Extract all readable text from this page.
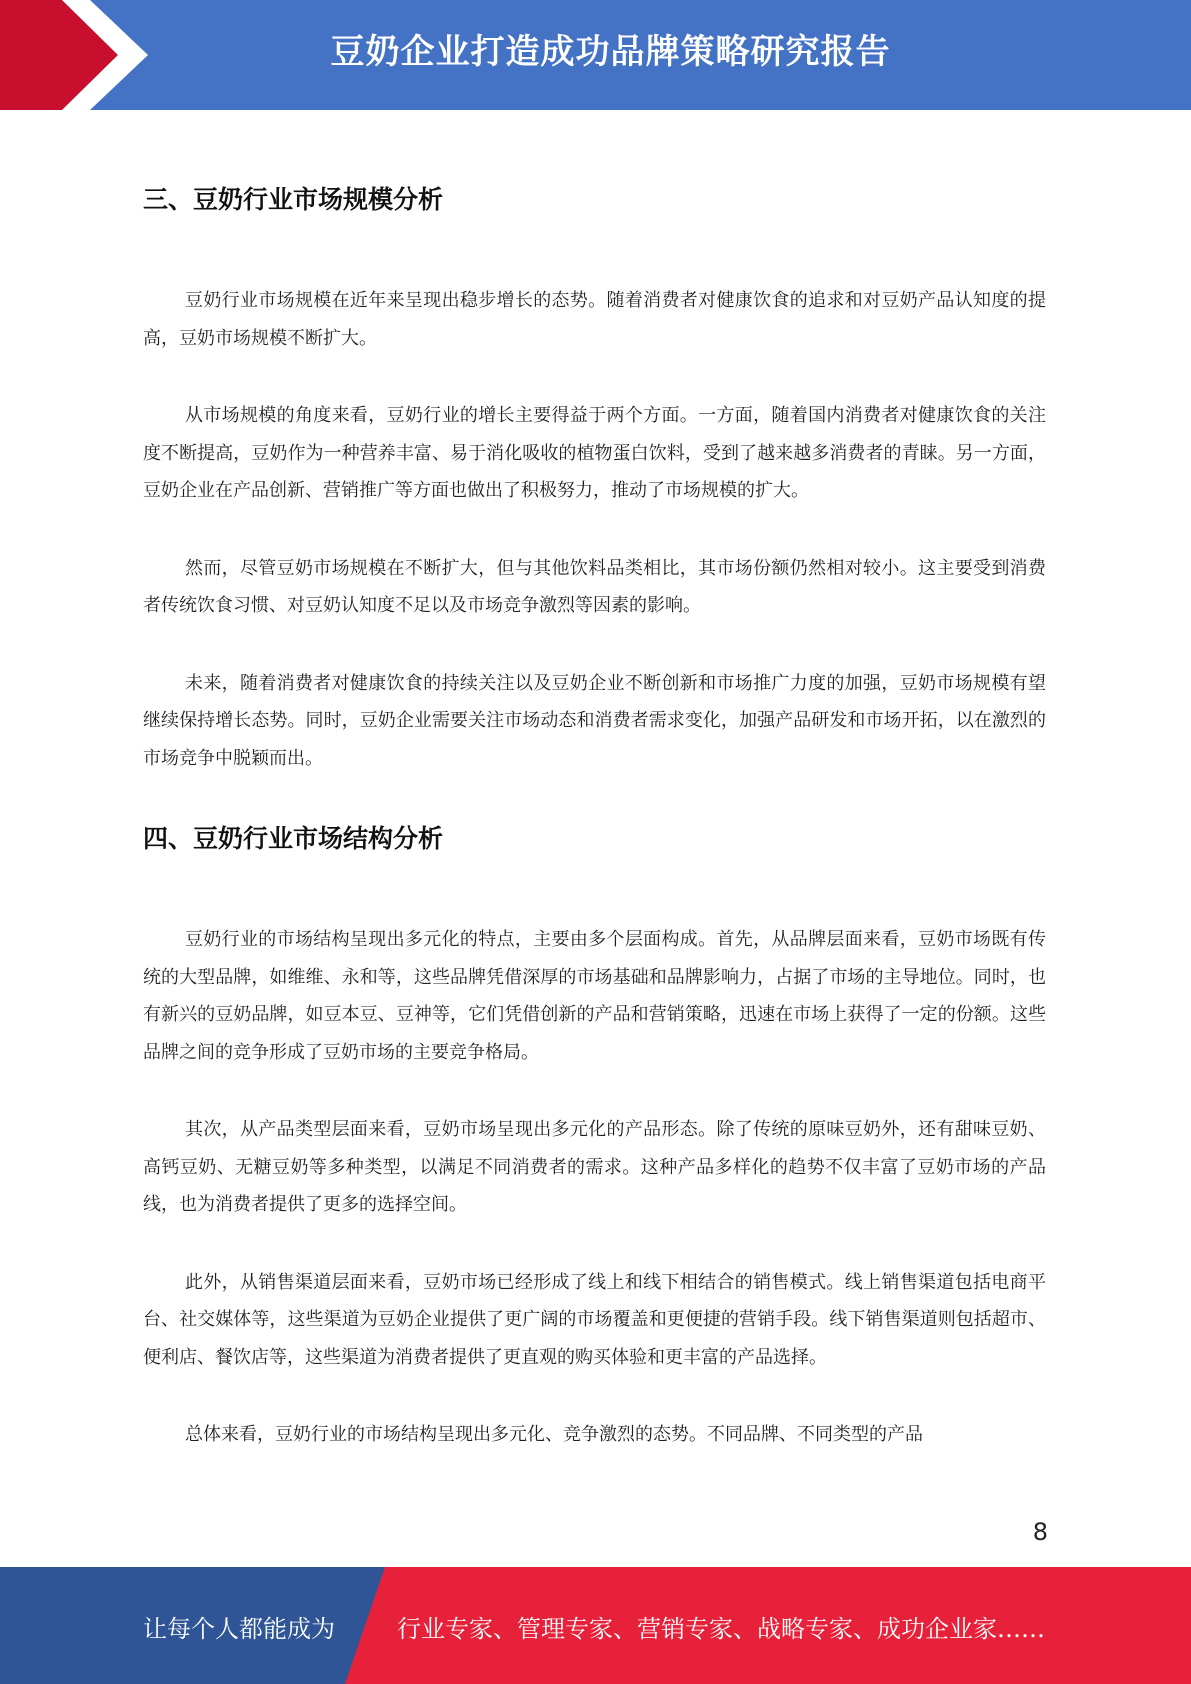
豆奶企业打造成功品牌策略研究报告
三、豆奶行业市场规模分析

豆奶行业市场规模在近年来呈现出稳步增长的态势。随着消费者对健康饮食的追求和对豆奶产品认知度的提高，豆奶市场规模不断扩大。

从市场规模的角度来看，豆奶行业的增长主要得益于两个方面。一方面，随着国内消费者对健康饮食的关注度不断提高，豆奶作为一种营养丰富、易于消化吸收的植物蛋白饮料，受到了越来越多消费者的青睐。另一方面，豆奶企业在产品创新、营销推广等方面也做出了积极努力，推动了市场规模的扩大。

然而，尽管豆奶市场规模在不断扩大，但与其他饮料品类相比，其市场份额仍然相对较小。这主要受到消费者传统饮食习惯、对豆奶认知度不足以及市场竞争激烈等因素的影响。

未来，随着消费者对健康饮食的持续关注以及豆奶企业不断创新和市场推广力度的加强，豆奶市场规模有望继续保持增长态势。同时，豆奶企业需要关注市场动态和消费者需求变化，加强产品研发和市场开拓，以在激烈的市场竞争中脱颖而出。

四、豆奶行业市场结构分析

豆奶行业的市场结构呈现出多元化的特点，主要由多个层面构成。首先，从品牌层面来看，豆奶市场既有传统的大型品牌，如维维、永和等，这些品牌凭借深厚的市场基础和品牌影响力，占据了市场的主导地位。同时，也有新兴的豆奶品牌，如豆本豆、豆神等，它们凭借创新的产品和营销策略，迅速在市场上获得了一定的份额。这些品牌之间的竞争形成了豆奶市场的主要竞争格局。

其次，从产品类型层面来看，豆奶市场呈现出多元化的产品形态。除了传统的原味豆奶外，还有甜味豆奶、高钙豆奶、无糖豆奶等多种类型，以满足不同消费者的需求。这种产品多样化的趋势不仅丰富了豆奶市场的产品线，也为消费者提供了更多的选择空间。

此外，从销售渠道层面来看，豆奶市场已经形成了线上和线下相结合的销售模式。线上销售渠道包括电商平台、社交媒体等，这些渠道为豆奶企业提供了更广阔的市场覆盖和更便捷的营销手段。线下销售渠道则包括超市、便利店、餐饮店等，这些渠道为消费者提供了更直观的购买体验和更丰富的产品选择。

总体来看，豆奶行业的市场结构呈现出多元化、竞争激烈的态势。不同品牌、不同类型的产品

8
让每个人都能成为	行业专家、管理专家、营销专家、战略专家、成功企业家……
